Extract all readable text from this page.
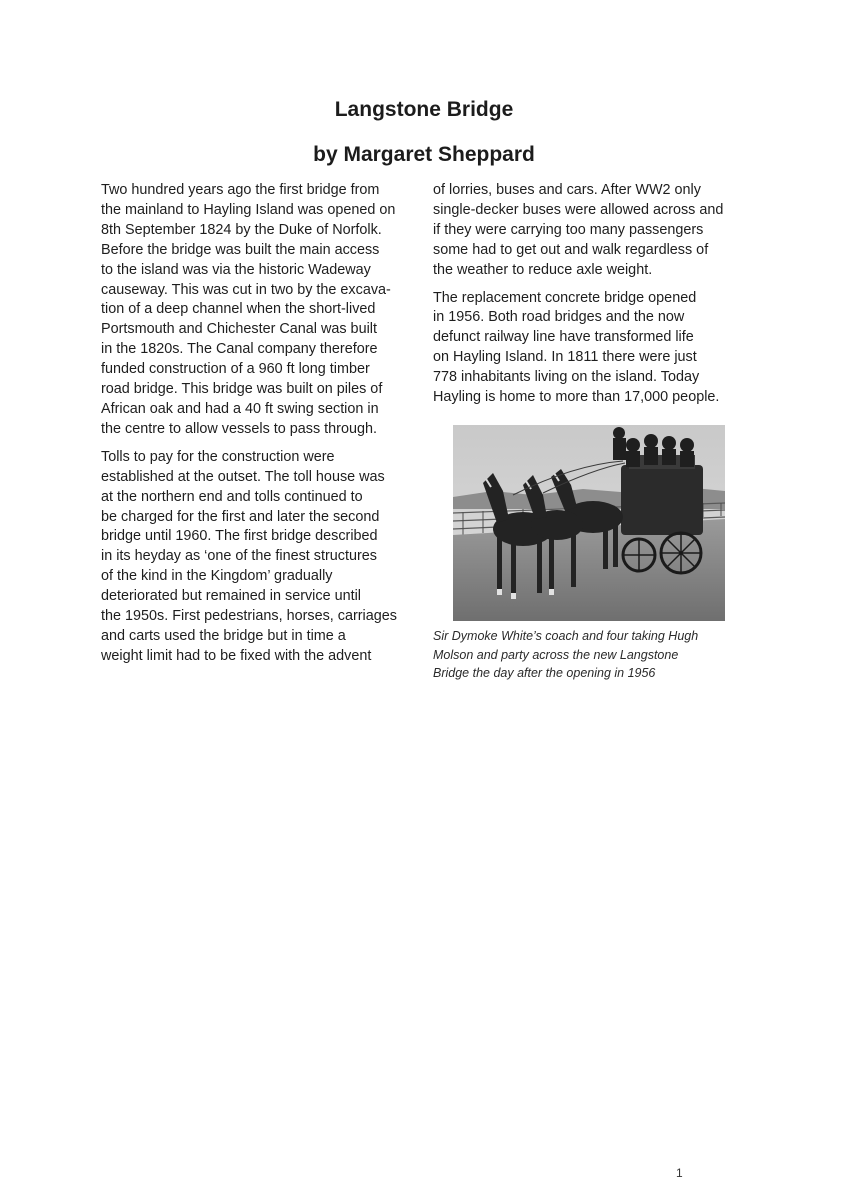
Langstone Bridge
by Margaret Sheppard
Two hundred years ago the first bridge from
the mainland to Hayling Island was opened on
8th September 1824 by the Duke of Norfolk.
Before the bridge was built the main access
to the island was via the historic Wadeway
causeway. This was cut in two by the excava-
tion of a deep channel when the short-lived
Portsmouth and Chichester Canal was built
in the 1820s. The Canal company therefore
funded construction of a 960 ft long timber
road bridge. This bridge was built on piles of
African oak and had a 40 ft swing section in
the centre to allow vessels to pass through.
Tolls to pay for the construction were
established at the outset. The toll house was
at the northern end and tolls continued to
be charged for the first and later the second
bridge until 1960. The first bridge described
in its heyday as ‘one of the finest structures
of the kind in the Kingdom’ gradually
deteriorated but remained in service until
the 1950s. First pedestrians, horses, carriages
and carts used the bridge but in time a
weight limit had to be fixed with the advent
of lorries, buses and cars. After WW2 only
single-decker buses were allowed across and
if they were carrying too many passengers
some had to get out and walk regardless of
the weather to reduce axle weight.
The replacement concrete bridge opened
in 1956. Both road bridges and the now
defunct railway line have transformed life
on Hayling Island. In 1811 there were just
778 inhabitants living on the island. Today
Hayling is home to more than 17,000 people.
Sir Dymoke White’s coach and four taking Hugh
Molson and party across the new Langstone
Bridge the day after the opening in 1956
1
